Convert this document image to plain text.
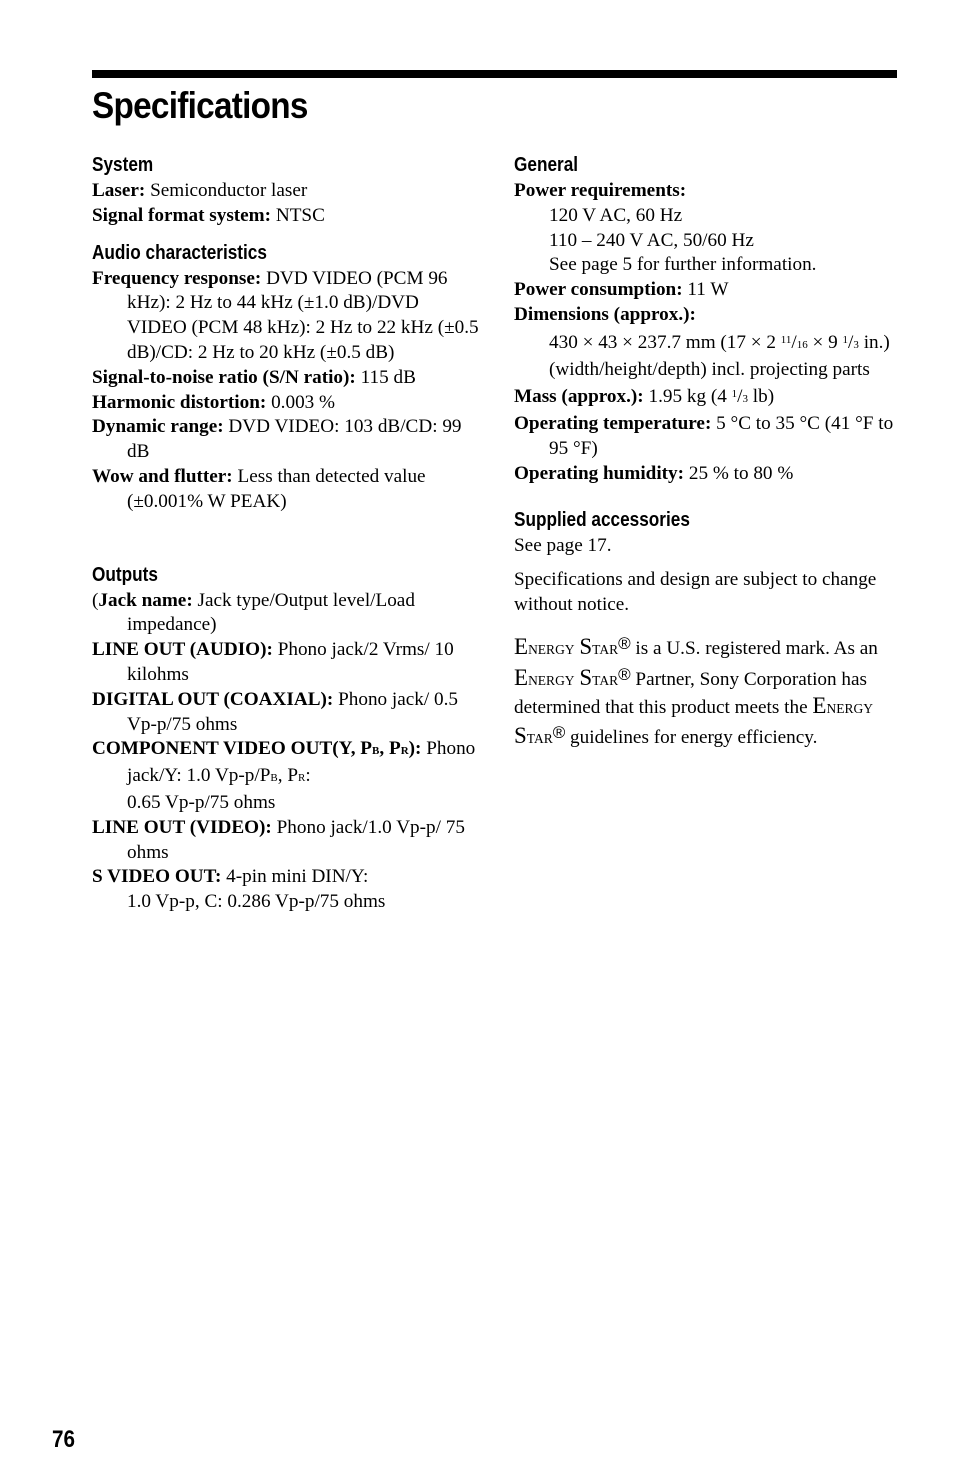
Specifications
System

Laser: Semiconductor laser

Signal format system: NTSC

Audio characteristics

Frequency response: DVD VIDEO (PCM 96 kHz): 2 Hz to 44 kHz (±1.0 dB)/DVD VIDEO (PCM 48 kHz): 2 Hz to 22 kHz (±0.5 dB)/CD: 2 Hz to 20 kHz (±0.5 dB)

Signal-to-noise ratio (S/N ratio): 115 dB

Harmonic distortion: 0.003 %

Dynamic range: DVD VIDEO: 103 dB/CD: 99 dB

Wow and flutter: Less than detected value (±0.001% W PEAK)

Outputs

(Jack name: Jack type/Output level/Load impedance)

LINE OUT (AUDIO): Phono jack/2 Vrms/ 10 kilohms

DIGITAL OUT (COAXIAL): Phono jack/ 0.5 Vp-p/75 ohms

COMPONENT VIDEO OUT(Y, PB, PR): Phono jack/Y: 1.0 Vp-p/PB, PR:
0.65 Vp-p/75 ohms

LINE OUT (VIDEO): Phono jack/1.0 Vp-p/ 75 ohms

S VIDEO OUT: 4-pin mini DIN/Y:
1.0 Vp-p, C: 0.286 Vp-p/75 ohms

General

Power requirements:

120 V AC, 60 Hz

110 – 240 V AC, 50/60 Hz

See page 5 for further information.

Power consumption: 11 W

Dimensions (approx.):

430 × 43 × 237.7 mm (17 × 2 $^{11}$/16 × 9 $^1$/3 in.) (width/height/depth) incl. projecting parts

Mass (approx.): 1.95 kg (4 $^1$/3 lb)

Operating temperature: 5 °C to 35 °C (41 °F to 95 °F)

Operating humidity: 25 % to 80 %

Supplied accessories

See page 17.

Specifications and design are subject to change without notice.

ENERGY STAR® is a U.S. registered mark. As an ENERGY STAR® Partner, Sony Corporation has determined that this product meets the ENERGY STAR® guidelines for energy efficiency.

76
